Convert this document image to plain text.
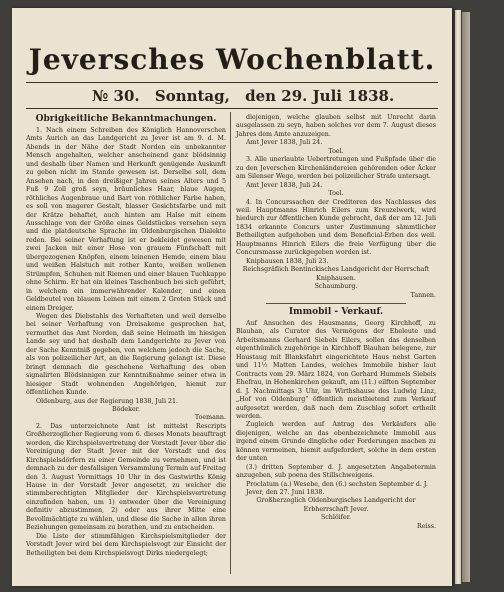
Jeversches Wochenblatt.
№ 30. Sonntag, den 29. Juli 1838.

Obrigkeitliche Bekanntmachungen.

1. Nach einem Schreiben des Königlich Hannoverschen Amts Aurich an das Landgericht zu Jever ist am 9. d. M. Abends in der Nähe der Stadt Norden ein unbekannter Mensch angehalten, welcher anscheinend ganz blödsinnig und deshalb über Namen und Herkunft genügende Auskunft zu geben nicht im Stande gewesen ist. Derselbe soll, dem Ansehen nach, in den dreißiger Jahren seines Alters und 5 Fuß 9 Zoll groß seyn, bräunliches Haar, blaue Augen, röthliches Augenbraue und Bart von röthlicher Farbe haben, es soll von magerer Gestalt, blasser Gesichtsfarbe und mit der Krätze behaftet, auch hinten am Halse mit einem Ausschlage von der Größe eines Geldstückes versehen seyn und die platdeutsche Sprache im Oldenburgischen Dialekte reden. Bei seiner Verhaftung ist er bekleidet gewesen mit zwei Jacken mit einer Hose von grauem Fünfschaft mit übergezogenen Knöpfen, einem leinenen Hemde, einem blau und weißen Halstuch mit rother Kante, weißen wollenen Strümpfen, Schuhen mit Riemen und einer blauen Tuchkappe ohne Schirm. Er hat ein kleines Taschenbuch bei sich geführt, in welchem ein immerwährender Kalender, und einen Geldbeutel von blauem Leinen mit einem 2 Groten Stück und einem Dreiger.

Wegen des Diebstahls des Verhafteten und weil derselbe bei seiner Verhaftung von Dreisakeme gesprochen hat, vermuthet das Amt Norden, daß seine Heimath im hiesigen Lande sey und hat deshalb dem Landgerichte zu Jever von der Sache Kenntniß gegeben, von welchem jedoch die Sache, als von polizeilicher Art, an die Regierung gelangt ist. Diese bringt demnach die geschehene Verhaftung des oben signalirten Blödsinnigen zur Kenntnißnahme seiner etwa in hiesiger Stadt wohnenden Angehörigen, hiemit zur öffentlichen Kunde.

Oldenburg, aus der Regierung 1838, Juli 21.

Bödeker.

Toemann.

2. Das unterzeichnete Amt ist mittelst Rescripts Großherzoglicher Regierung vom 6. dieses Monats beauftragt worden, die Kirchspielsvertretung der Vorstadt Jever über die Vereinigung der Stadt Jever mit der Vorstadt und des Kirchspielsdörfern zu einer Gemeinde zu vernehmen, und ist demnach zu der desfallsigen Versammlung Termin auf Freitag den 3. August Vormittags 10 Uhr in des Gastwirths König Hause in der Vorstadt Jever angesetzt, zu welcher die stimmberechtigten Mitglieder der Kirchspielsvertretung einzufinden haben, um 1) entweder über die Vereinigung definitiv abzustimmen, 2) oder aus ihrer Mitte eine Bevollmächtigte zu wählen, und diese die Sache in allen ihren Beziehungen gemeinsam zu berathen, und zu entscheiden.

Die Liste der stimmfähigen Kirchspielsmitglieder der Vorstadt Jever wird bei dem Kirchspielsvogt zur Einsicht der Betheiligten bei dem Kirchspielsvogt Dirks niedergelegt;

diejenigen, welche glauben selbst mit Unrecht darin ausgelassen zu seyn, haben solches vor dem 7. August dieses Jahres dem Amte anzuzeigen.

Amt Jever 1838, Juli 24.

Toel.

3. Alle unerlaubte Uebertretungen und Fußpfade über die zu den Jeverschen Kirchenländereien gehörenden oder Äcker am Silenser Wege, werden bei polizeilicher Strafe untersagt.

Amt Jever 1838, Juli 24.

Toel.

4. In Concurssachen der Creditoren des Nachlasses des weil. Hauptmanns Hinrich Eilers zum Kreuzelwerk, wird hiedurch zur öffentlichen Kunde gebracht, daß der am 12. Juli 1834 erkannte Concurs unter Zustimmung sämmtlicher Betheiligten aufgehoben und dem Beneficial-Erben des weil. Hauptmanns Hinrich Eilers die freie Verfügung über die Concursmasse zurückgegeben worden ist.

Kniphausen 1838, Juli 23.

Reichsgräflich Bentinckisches Landgericht der Herrschaft Kniphausen.

Schaumburg.

Tannen.

Immobil - Verkauf.

Auf Ansuchen des Hausmanns, Georg Kirchhoff, zu Blauhan, als Curator des Vermögens der Eheleute und Arbeitsmanns Gerhard Siebels Eilers, sollen das denselben eigenthümlich zugehörige in Kirchhoff Blauhan belegene, zur Haustaug mit Blanksfahrt eingerichtete Haus nebst Garten und 11½ Matten Landes, welches Immobile bisher laut Contracts vom 29. März 1824, von Gerhard Hummels Siebels Ehefrau, in Hohenkirchen gekauft, am (11.) eilften September d. J. Nachmittags 3 Uhr, im Wirthshause des Ludwig Linz, „Hof von Oldenburg“ öffentlich meistbietend zum Verkauf aufgesetzt werden, daß nach dem Zuschlag sofort ertheilt werden.

Zugleich werden auf Antrag des Verkäufers alle diejenigen, welche an das ebenbezeichnete Immobil aus irgend einem Grunde dingliche oder Forderungen machen zu können vermeinen, hiemit aufgefordert, solche in dem ersten der unten

(3.) dritten September d. J. angesetzten Angabetermin anzugeben, sub poena des Stillschweigens.

Proclatum (a.) Wesebe, den (6.) sechsten September d. J.

Jever, den 27. Juni 1838.

Großherzoglich Oldenburgisches Landgericht der Erbherrschaft Jever.

Schlöifer.

Reiss.
